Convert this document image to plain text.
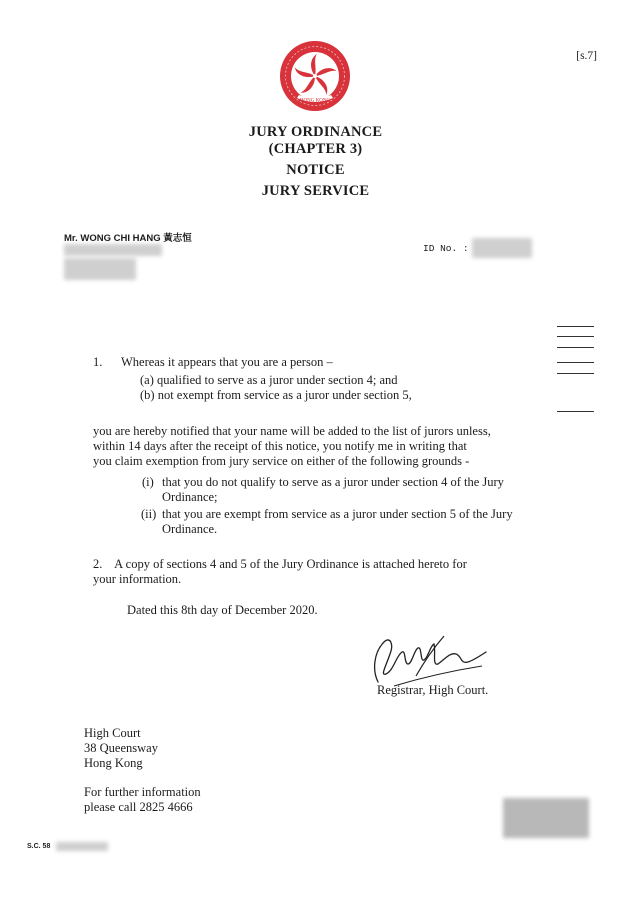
[s.7]
HONG KONG
JURY ORDINANCE
(CHAPTER 3)
NOTICE
JURY SERVICE
Mr. WONG CHI HANG 黃志恒
ID No. :
1. Whereas it appears that you are a person –
(a) qualified to serve as a juror under section 4; and
(b) not exempt from service as a juror under section 5,
you are hereby notified that your name will be added to the list of jurors unless,
within 14 days after the receipt of this notice, you notify me in writing that
you claim exemption from jury service on either of the following grounds -
(i) that you do not qualify to serve as a juror under section 4 of the Jury
Ordinance;
(ii) that you are exempt from service as a juror under section 5 of the Jury
Ordinance.
2.    A copy of sections 4 and 5 of the Jury Ordinance is attached hereto for
your information.
Dated this 8th day of December 2020.
Registrar, High Court.
High Court
38 Queensway
Hong Kong
For further information
please call 2825 4666
S.C. 58
